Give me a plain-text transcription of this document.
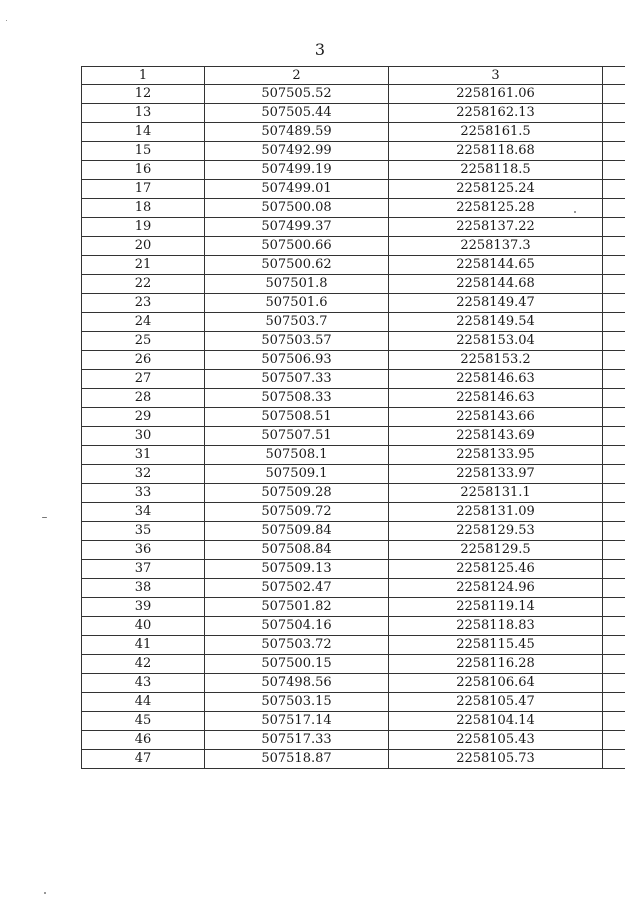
3
1	2	3	
12	507505.52	2258161.06	
13	507505.44	2258162.13	
14	507489.59	2258161.5	
15	507492.99	2258118.68	
16	507499.19	2258118.5	
17	507499.01	2258125.24	
18	507500.08	2258125.28	
19	507499.37	2258137.22	
20	507500.66	2258137.3	
21	507500.62	2258144.65	
22	507501.8	2258144.68	
23	507501.6	2258149.47	
24	507503.7	2258149.54	
25	507503.57	2258153.04	
26	507506.93	2258153.2	
27	507507.33	2258146.63	
28	507508.33	2258146.63	
29	507508.51	2258143.66	
30	507507.51	2258143.69	
31	507508.1	2258133.95	
32	507509.1	2258133.97	
33	507509.28	2258131.1	
34	507509.72	2258131.09	
35	507509.84	2258129.53	
36	507508.84	2258129.5	
37	507509.13	2258125.46	
38	507502.47	2258124.96	
39	507501.82	2258119.14	
40	507504.16	2258118.83	
41	507503.72	2258115.45	
42	507500.15	2258116.28	
43	507498.56	2258106.64	
44	507503.15	2258105.47	
45	507517.14	2258104.14	
46	507517.33	2258105.43	
47	507518.87	2258105.73	
